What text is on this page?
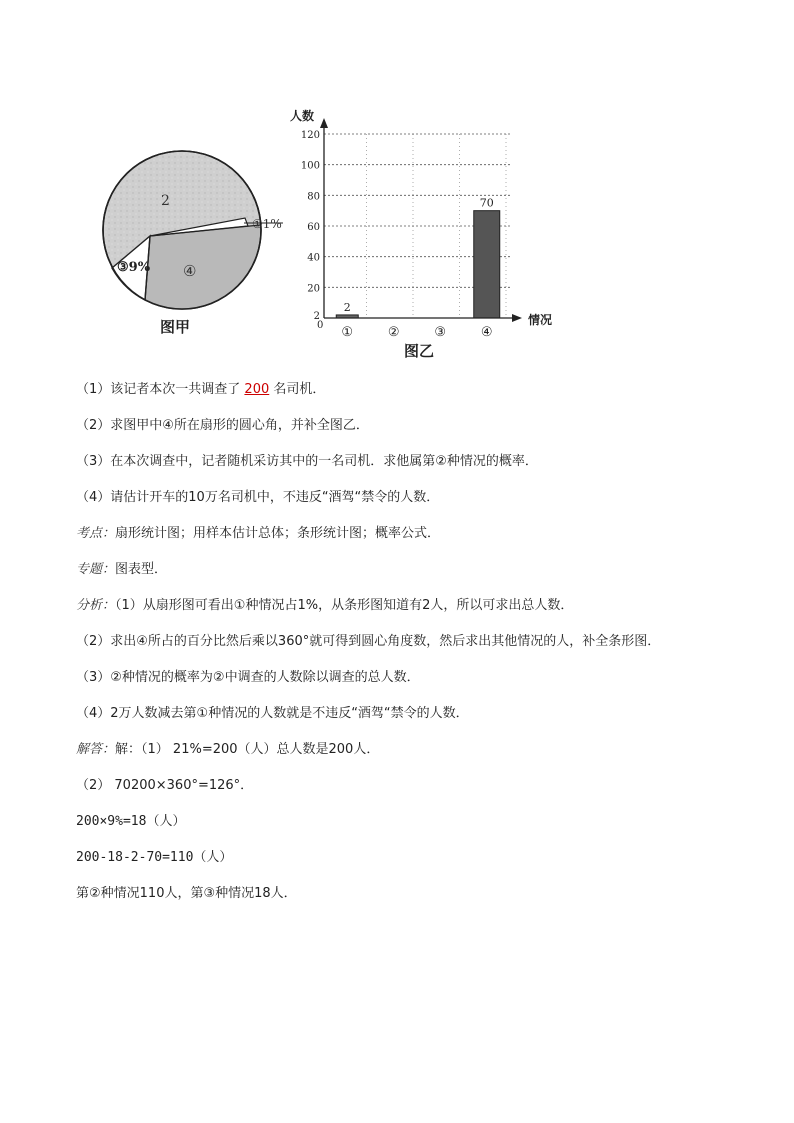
2
①1%
③9% ④
图甲
人数
情况
0
图乙
2
20
40
60
80
100
120
①	②	③	④
2
70
（1）该记者本次一共调查了 200 名司机．
（2）求图甲中④所在扇形的圆心角，并补全图乙．
（3）在本次调查中，记者随机采访其中的一名司机．求他属第②种情况的概率．
（4）请估计开车的10万名司机中，不违反“酒驾“禁令的人数．
考点：扇形统计图；用样本估计总体；条形统计图；概率公式．
专题：图表型．
分析：（1）从扇形图可看出①种情况占1%，从条形图知道有2人，所以可求出总人数．
（2）求出④所占的百分比然后乘以360°就可得到圆心角度数，然后求出其他情况的人，补全条形图．
（3）②种情况的概率为②中调查的人数除以调查的总人数．
（4）2万人数减去第①种情况的人数就是不违反“酒驾“禁令的人数．
解答：解：（1） 21%=200（人）总人数是200人．
（2） 70200×360°=126°．
200×9%=18（人）
200-18-2-70=110（人）
第②种情况110人，第③种情况18人．
